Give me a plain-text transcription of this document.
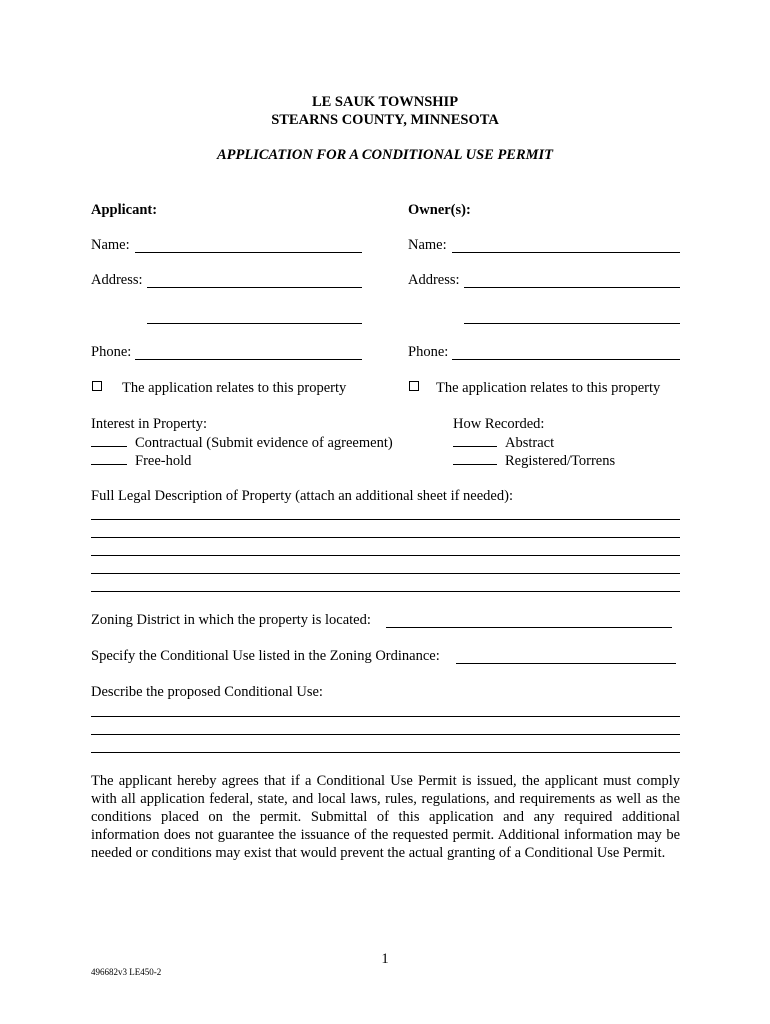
LE SAUK TOWNSHIP
STEARNS COUNTY, MINNESOTA
APPLICATION FOR A CONDITIONAL USE PERMIT
Applicant:	Owner(s):
Name:	Name:
Address:	Address:
Phone:	Phone:
The application relates to this property	The application relates to this property
Interest in Property:
Contractual (Submit evidence of agreement)
Free-hold
How Recorded:
Abstract
Registered/Torrens
Full Legal Description of Property (attach an additional sheet if needed):
Zoning District in which the property is located:
Specify the Conditional Use listed in the Zoning Ordinance:
Describe the proposed Conditional Use:
The applicant hereby agrees that if a Conditional Use Permit is issued, the applicant must comply with all application federal, state, and local laws, rules, regulations, and requirements as well as the conditions placed on the permit. Submittal of this application and any required additional information does not guarantee the issuance of the requested permit. Additional information may be needed or conditions may exist that would prevent the actual granting of a Conditional Use Permit.
1
496682v3 LE450-2
